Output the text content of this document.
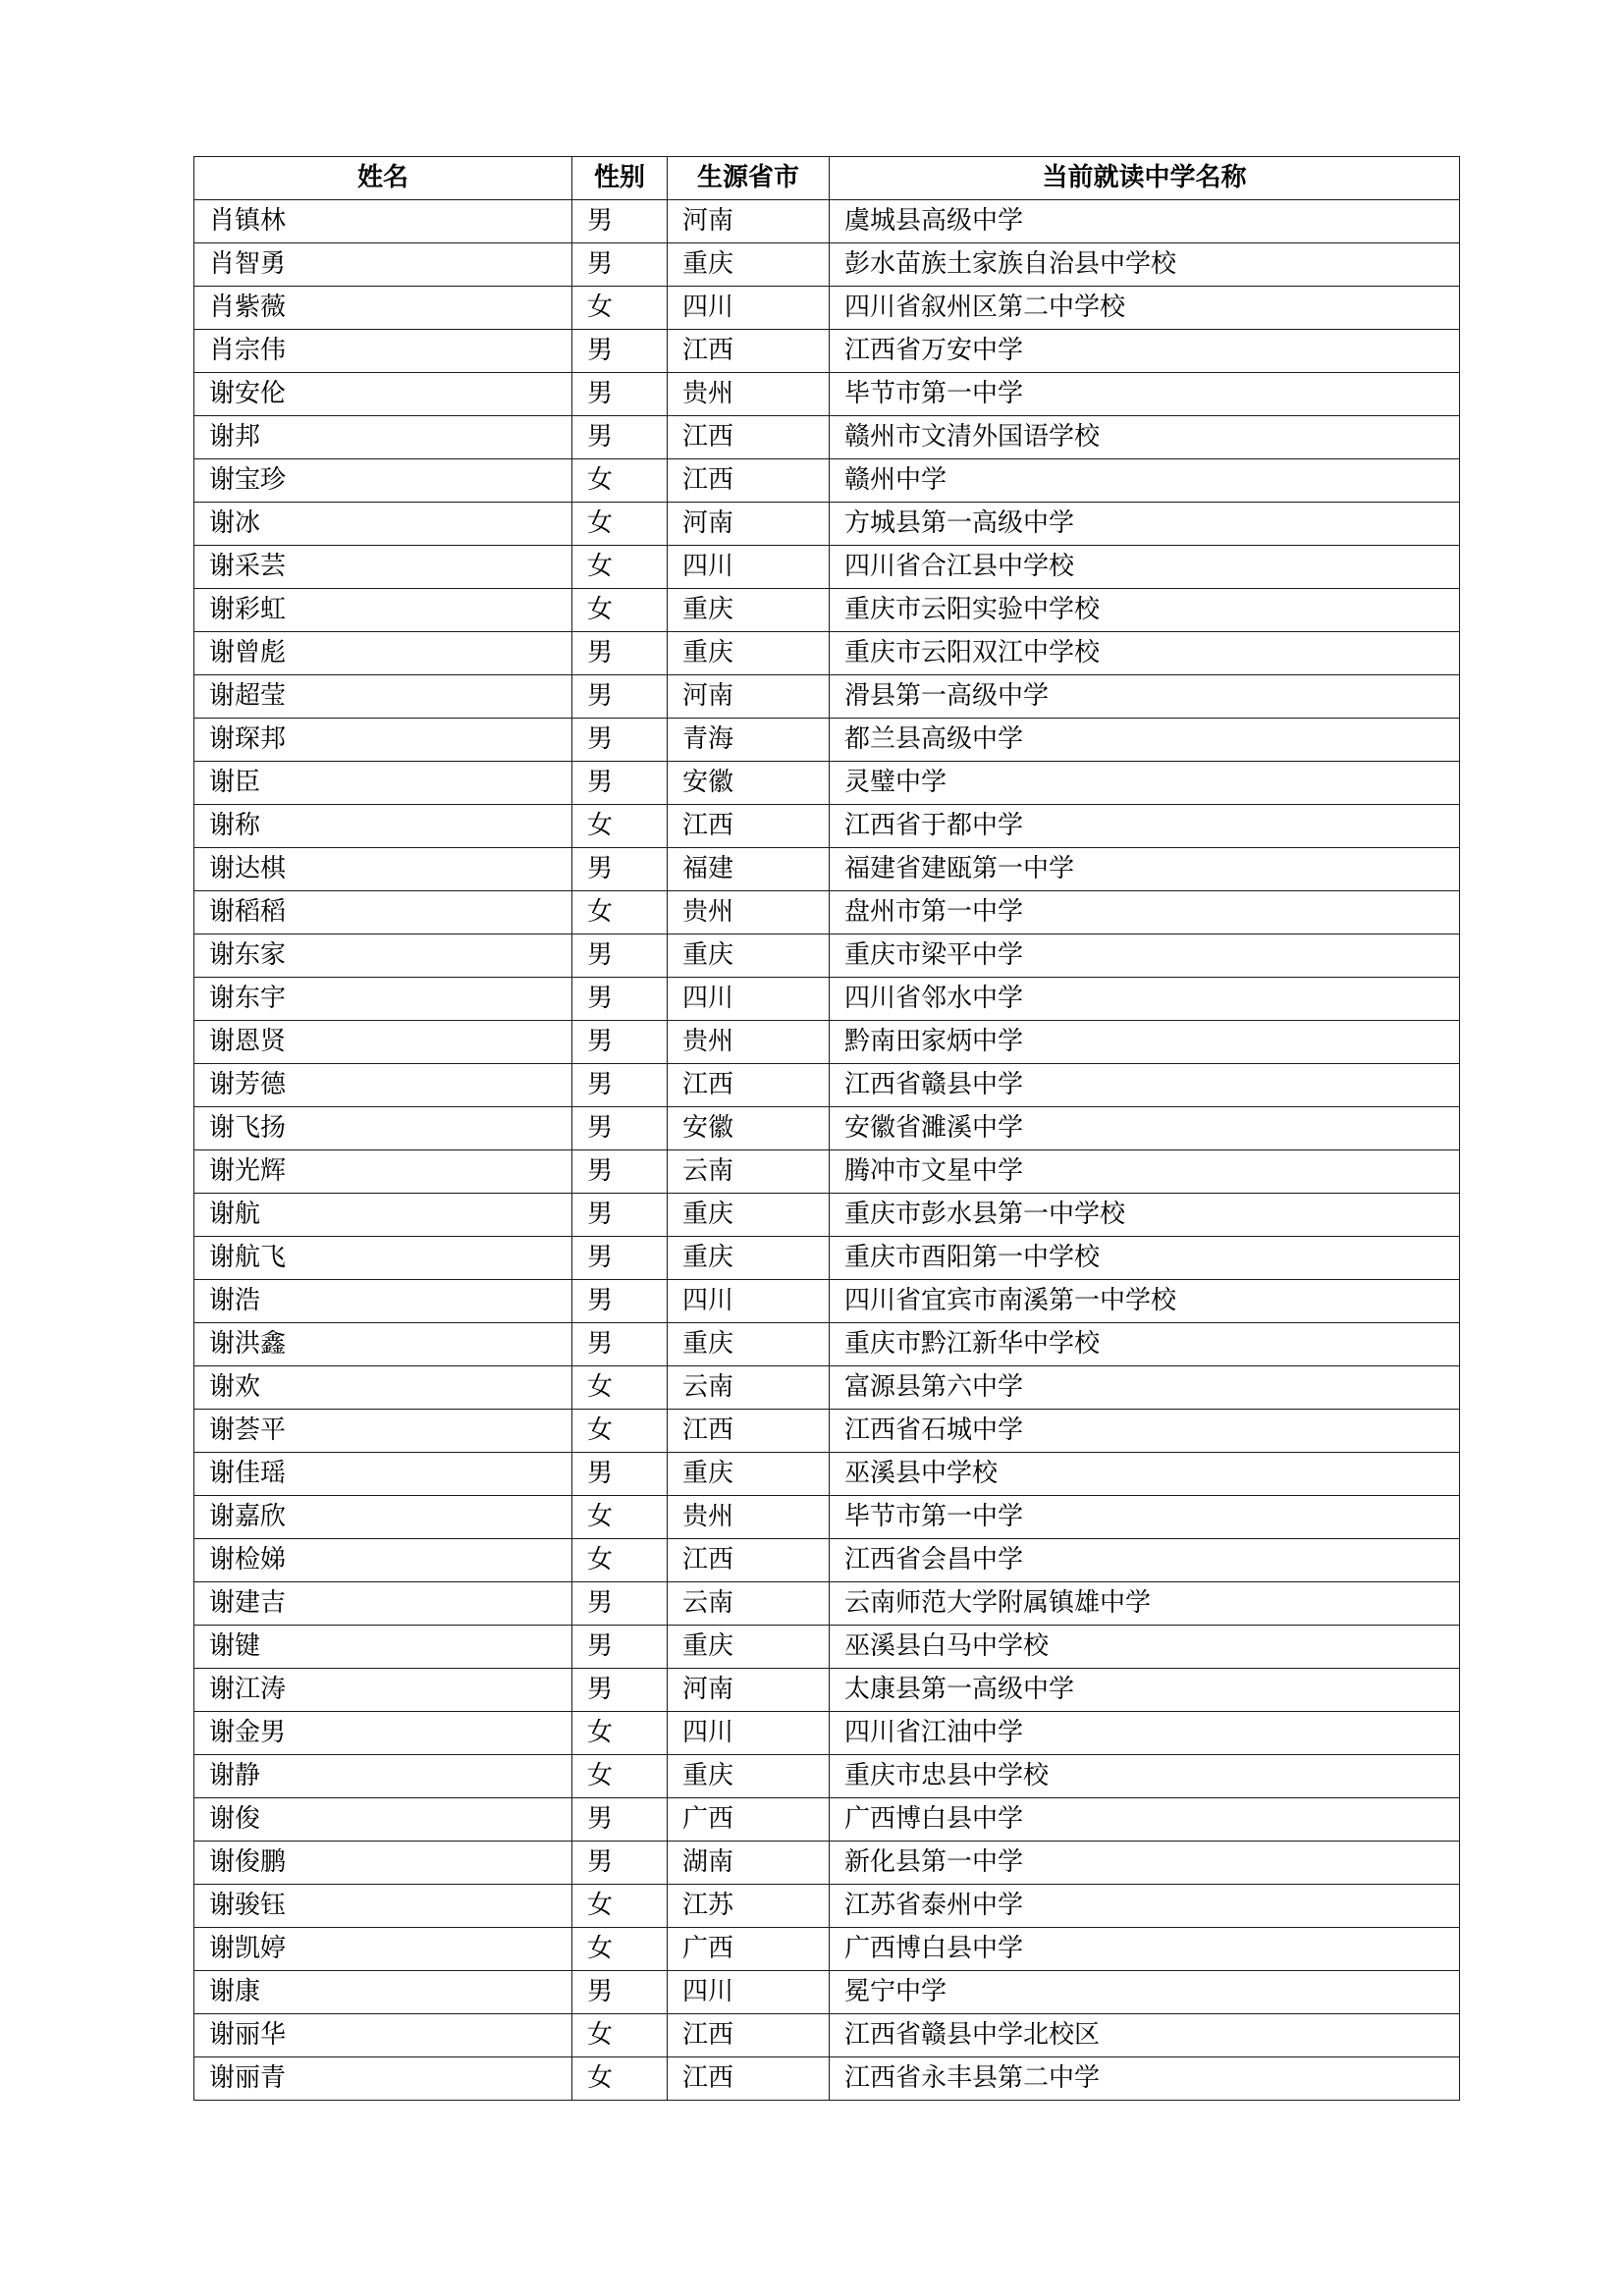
姓名	性别	生源省市	当前就读中学名称
肖镇林	男	河南	虞城县高级中学
肖智勇	男	重庆	彭水苗族土家族自治县中学校
肖紫薇	女	四川	四川省叙州区第二中学校
肖宗伟	男	江西	江西省万安中学
谢安伦	男	贵州	毕节市第一中学
谢邦	男	江西	赣州市文清外国语学校
谢宝珍	女	江西	赣州中学
谢冰	女	河南	方城县第一高级中学
谢采芸	女	四川	四川省合江县中学校
谢彩虹	女	重庆	重庆市云阳实验中学校
谢曾彪	男	重庆	重庆市云阳双江中学校
谢超莹	男	河南	滑县第一高级中学
谢琛邦	男	青海	都兰县高级中学
谢臣	男	安徽	灵璧中学
谢称	女	江西	江西省于都中学
谢达棋	男	福建	福建省建瓯第一中学
谢稻稻	女	贵州	盘州市第一中学
谢东家	男	重庆	重庆市梁平中学
谢东宇	男	四川	四川省邻水中学
谢恩贤	男	贵州	黔南田家炳中学
谢芳德	男	江西	江西省赣县中学
谢飞扬	男	安徽	安徽省濉溪中学
谢光辉	男	云南	腾冲市文星中学
谢航	男	重庆	重庆市彭水县第一中学校
谢航飞	男	重庆	重庆市酉阳第一中学校
谢浩	男	四川	四川省宜宾市南溪第一中学校
谢洪鑫	男	重庆	重庆市黔江新华中学校
谢欢	女	云南	富源县第六中学
谢荟平	女	江西	江西省石城中学
谢佳瑶	男	重庆	巫溪县中学校
谢嘉欣	女	贵州	毕节市第一中学
谢检娣	女	江西	江西省会昌中学
谢建吉	男	云南	云南师范大学附属镇雄中学
谢键	男	重庆	巫溪县白马中学校
谢江涛	男	河南	太康县第一高级中学
谢金男	女	四川	四川省江油中学
谢静	女	重庆	重庆市忠县中学校
谢俊	男	广西	广西博白县中学
谢俊鹏	男	湖南	新化县第一中学
谢骏钰	女	江苏	江苏省泰州中学
谢凯婷	女	广西	广西博白县中学
谢康	男	四川	冕宁中学
谢丽华	女	江西	江西省赣县中学北校区
谢丽青	女	江西	江西省永丰县第二中学
